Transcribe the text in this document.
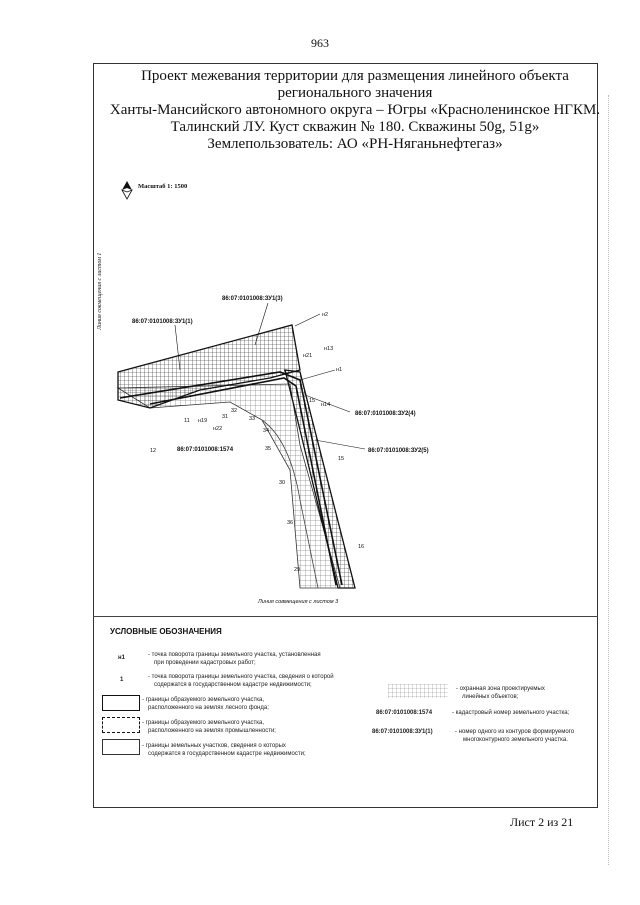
963
Проект межевания территории для размещения линейного объекта
регионального значения
Ханты-Мансийского автономного округа – Югры «Красноленинское НГКМ.
Талинский ЛУ. Куст скважин № 180. Скважины 50g, 51g»
Землепользователь: АО «РН-Няганьнефтегаз»
Масштаб 1: 1500
Линия совмещения с листом 1	86:07:0101008:ЗУ1(3)
86:07:0101008:ЗУ1(1)
86:07:0101008:ЗУ2(4)
86:07:0101008:ЗУ2(5)
86:07:0101008:1574
н2
н13
н21
н1
н14
н19
н22
11
12
15
15
16
29
30
31
32
33
34
35
36
Линия совмещения с листом 3
УСЛОВНЫЕ ОБОЗНАЧЕНИЯ
н1	- точка поворота границы земельного участка, установленная
при проведении кадастровых работ;
1	- точка поворота границы земельного участка, сведения о которой
содержатся в государственном кадастре недвижимости;
- границы образуемого земельного участка,
расположенного на землях лесного фонда;
- границы образуемого земельного участка,
расположенного на землях промышленности;
- границы земельных участков, сведения о которых
содержатся в государственном кадастре недвижимости;
- охранная зона проектируемых
линейных объектов;
86:07:0101008:1574	- кадастровый номер земельного участка;
86:07:0101008:ЗУ1(1)	- номер одного из контуров формируемого
многоконтурного земельного участка.
Лист 2 из 21
